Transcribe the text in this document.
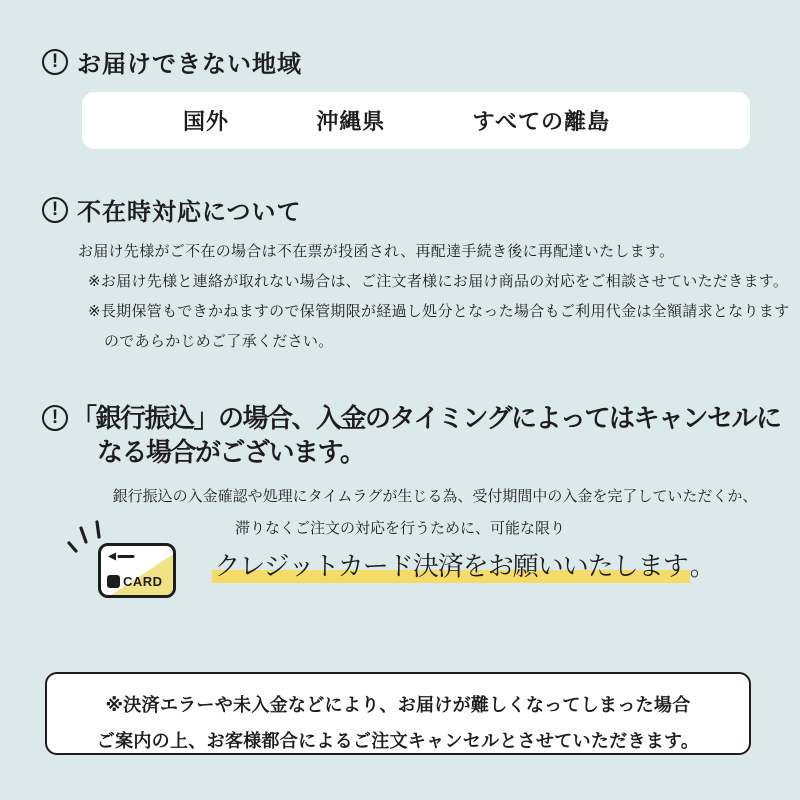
! お届けできない地域
国外	沖縄県	すべての離島
! 不在時対応について
お届け先様がご不在の場合は不在票が投函され、再配達手続き後に再配達いたします。
※お届け先様と連絡が取れない場合は、ご注文者様にお届け商品の対応をご相談させていただきます。
※長期保管もできかねますので保管期限が経過し処分となった場合もご利用代金は全額請求となります
のであらかじめご了承ください。
! 「銀行振込」の場合、入金のタイミングによってはキャンセルに
なる場合がございます。
銀行振込の入金確認や処理にタイムラグが生じる為、受付期間中の入金を完了していただくか、
滞りなくご注文の対応を行うために、可能な限り
クレジットカード決済をお願いいたします。
CARD
※決済エラーや未入金などにより、お届けが難しくなってしまった場合
ご案内の上、お客様都合によるご注文キャンセルとさせていただきます。
